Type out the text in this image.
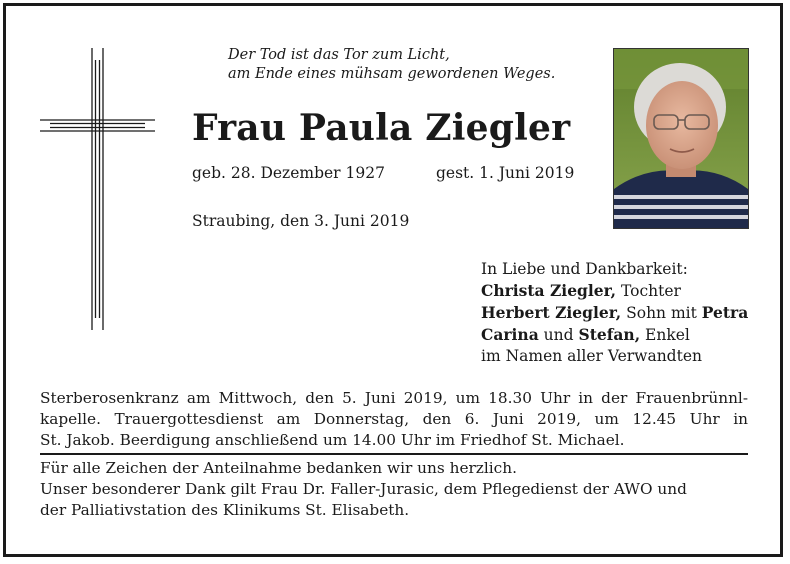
Der Tod ist das Tor zum Licht,
am Ende eines mühsam gewordenen Weges.
Frau Paula Ziegler
geb. 28. Dezember 1927	gest. 1. Juni 2019
Straubing, den 3. Juni 2019
In Liebe und Dankbarkeit:
Christa Ziegler, Tochter
Herbert Ziegler, Sohn mit Petra
Carina und Stefan, Enkel
im Namen aller Verwandten
Sterberosenkranz am Mittwoch, den 5. Juni 2019, um 18.30 Uhr in der Frauenbrünnl-
kapelle. Trauergottesdienst am Donnerstag, den 6. Juni 2019, um 12.45 Uhr in
St. Jakob. Beerdigung anschließend um 14.00 Uhr im Friedhof St. Michael.
Für alle Zeichen der Anteilnahme bedanken wir uns herzlich.
Unser besonderer Dank gilt Frau Dr. Faller-Jurasic, dem Pflegedienst der AWO und
der Palliativstation des Klinikums St. Elisabeth.
